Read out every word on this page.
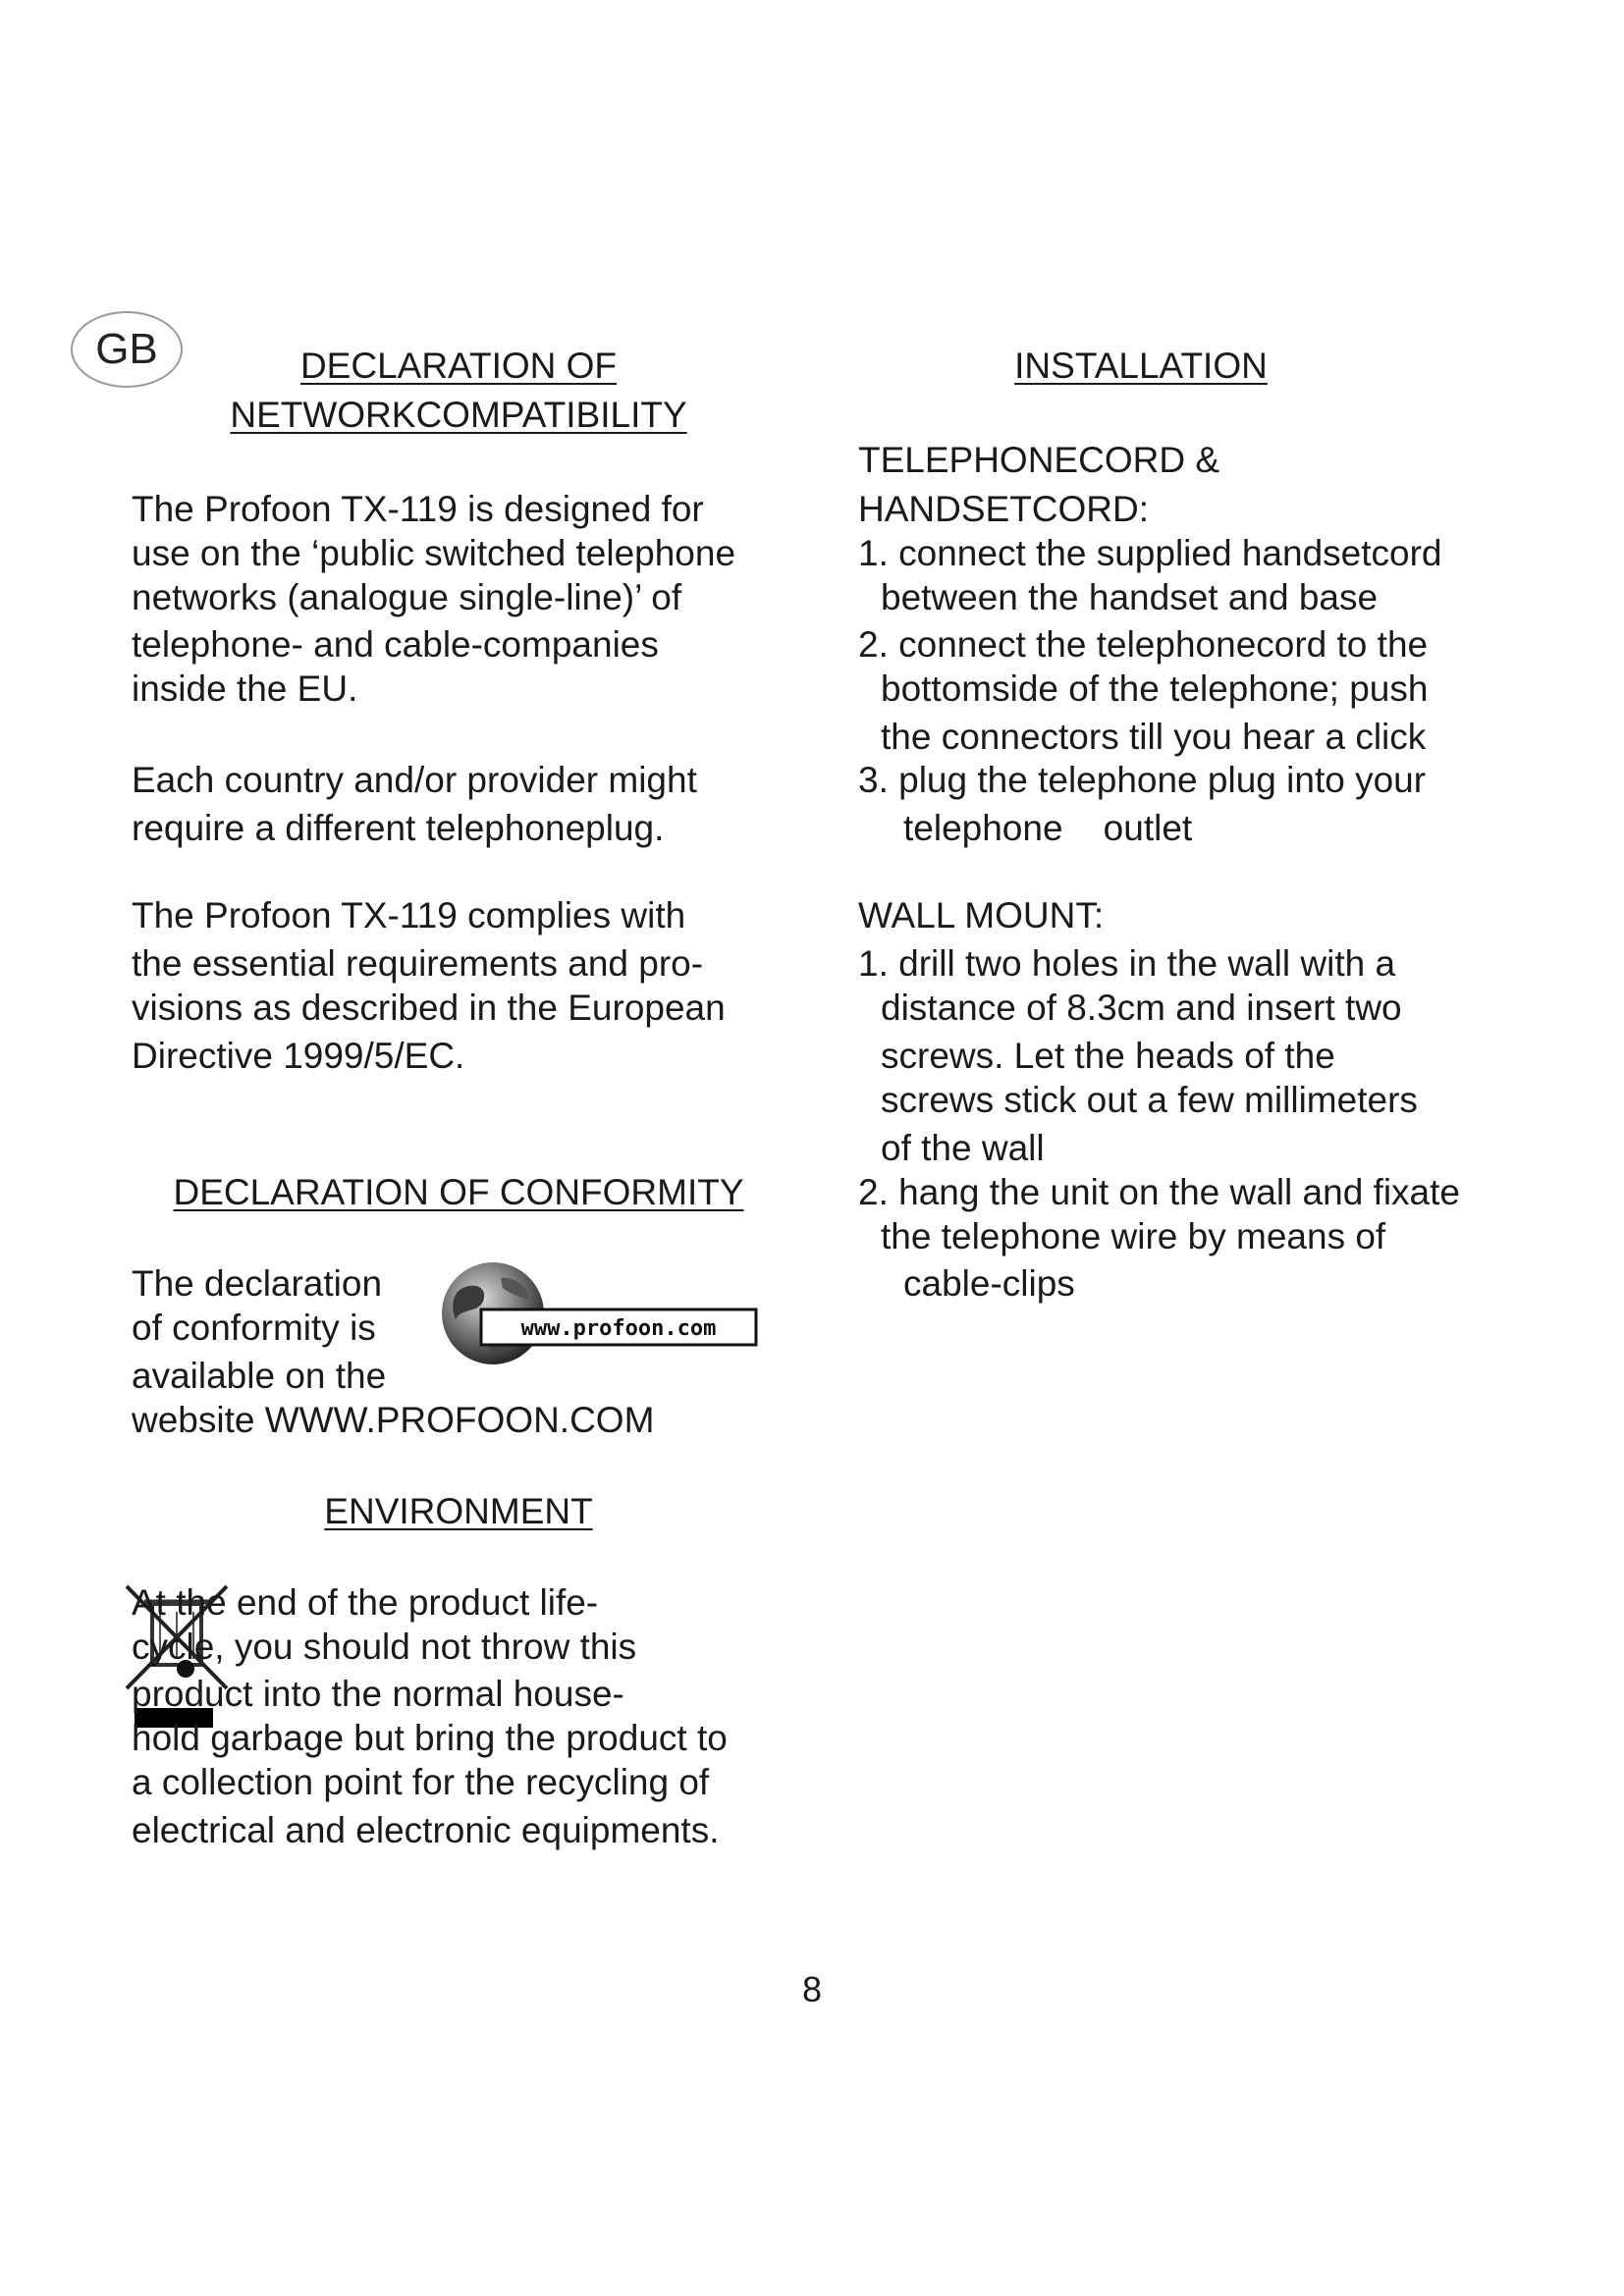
GB	DECLARATION OF
NETWORKCOMPATIBILITY
The Profoon TX-119 is designed for
use on the ‘public switched telephone
networks (analogue single-line)’ of
telephone- and cable-companies
inside the EU.
Each country and/or provider might
require a different telephoneplug.
The Profoon TX-119 complies with
the essential requirements and pro-
visions as described in the European
Directive 1999/5/EC.
DECLARATION OF CONFORMITY
The declaration
of conformity is
available on the
website WWW.PROFOON.COM
www.profoon.com
ENVIRONMENT
At the end of the product life-
cycle, you should not throw this
product into the normal house-
hold garbage but bring the product to
a collection point for the recycling of
electrical and electronic equipments.
INSTALLATION
TELEPHONECORD &
HANDSETCORD:
1. connect the supplied handsetcord
between the handset and base
2. connect the telephonecord to the
bottomside of the telephone; push
the connectors till you hear a click
3. plug the telephone plug into your
telephone    outlet
WALL MOUNT:
1. drill two holes in the wall with a
distance of 8.3cm and insert two
screws. Let the heads of the
screws stick out a few millimeters
of the wall
2. hang the unit on the wall and fixate
the telephone wire by means of
cable-clips
8
